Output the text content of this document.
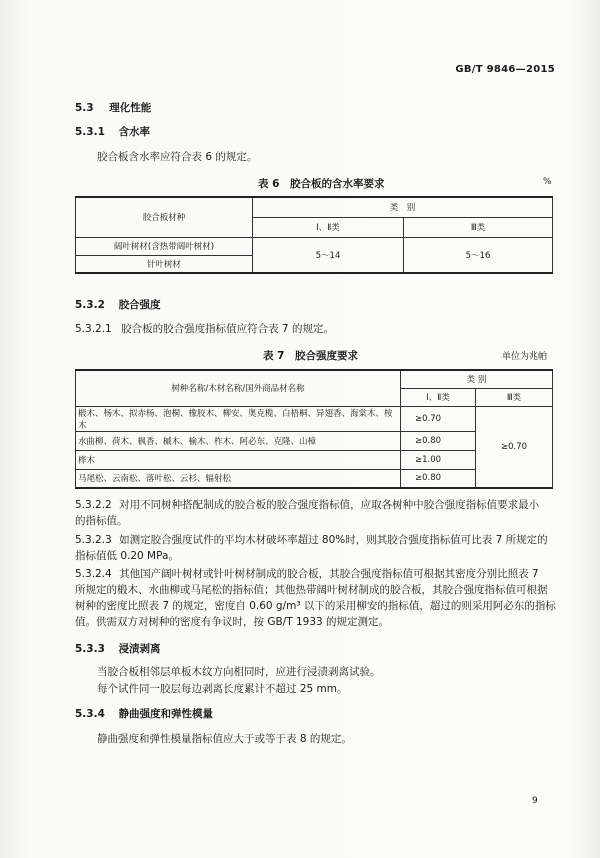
GB/T 9846—2015
5.3 理化性能
5.3.1 含水率
胶合板含水率应符合表 6 的规定。
表 6　胶合板的含水率要求	%
胶合板材种	类　别	
	Ⅰ、Ⅱ类	Ⅲ类
阔叶树材(含热带阔叶树材)	5～14	5～16
针叶树材		
5.3.2 胶合强度
5.3.2.1 胶合板的胶合强度指标值应符合表 7 的规定。
表 7　胶合强度要求	单位为兆帕
树种名称/木材名称/国外商品材名称	类 别	
	Ⅰ、Ⅱ类	Ⅲ类
椴木、杨木、拟赤杨、泡桐、橡胶木、柳安、奥克榄、白梧桐、异翅香、海棠木、桉木	≥0.70	≥0.70
水曲柳、荷木、枫香、槭木、榆木、柞木、阿必东、克隆、山樟	≥0.80	
桦木	≥1.00	
马尾松、云南松、落叶松、云杉、辐射松	≥0.80	
5.3.2.2 对用不同树种搭配制成的胶合板的胶合强度指标值，应取各树种中胶合强度指标值要求最小
的指标值。
5.3.2.3 如测定胶合强度试件的平均木材破坏率超过 80%时，则其胶合强度指标值可比表 7 所规定的
指标值低 0.20 MPa。
5.3.2.4 其他国产阔叶树材或针叶树材制成的胶合板，其胶合强度指标值可根据其密度分别比照表 7
所规定的椴木、水曲柳或马尾松的指标值；其他热带阔叶树材制成的胶合板，其胶合强度指标值可根据
树种的密度比照表 7 的规定，密度自 0.60 g/m³ 以下的采用柳安的指标值，超过的则采用阿必东的指标
值。供需双方对树种的密度有争议时，按 GB/T 1933 的规定测定。
5.3.3 浸渍剥离
当胶合板相邻层单板木纹方向相同时，应进行浸渍剥离试验。
每个试件同一胶层每边剥离长度累计不超过 25 mm。
5.3.4 静曲强度和弹性模量
静曲强度和弹性模量指标值应大于或等于表 8 的规定。
9
